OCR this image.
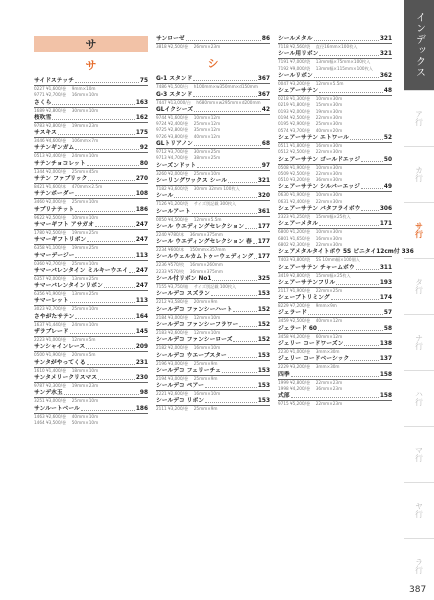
サ
サ
サイドステッチ	75
0227 ¥1,600/巻　 9mm×10m
9771 ¥2,700/巻　 16mm×10m
さくら	163
1689 ¥2,800/巻　 30mm×10m
桜吹雪	162
9783 ¥2,800/巻　 19mm×23m
サスキス	175
3446 ¥4,600/巻　 106mm×7m
サテンギンガム	92
0513 ¥2,400/巻　 24mm×10m
サテンチョコレット	80
1344 ¥2,000/巻　 25mm×45m
サテン ファブリック	270
8421 ¥1,600/本　 470mm×2.5m
サテンボーダー	108
3460 ¥2,000/巻　 25mm×10m
サプリナテット	186
9622 ¥2,500/巻　 10mm×10m
サマーギフト アサガオ	247
1780 ¥2,500/巻　 19mm×25m
サマーギフトリボン	247
6358 ¥1,100/巻　 19mm×25m
サマーデージー	113
0360 ¥2,700/巻　 25mm×10m
サマーバレンタイン ミルキーウエイ 247
6357 ¥2,000/巻　 13mm×25m
サマーバレンタインリボン	247
6356 ¥1,900/巻　 13mm×25m
サマーレット	113
3023 ¥2,700/巻　 25mm×10m
さやがたサテン	164
1637 ¥1,440/巻　 24mm×10m
ザラブレード	145
2223 ¥1,000/巻　 12mm×5m
サンシャインレース	209
0500 ¥1,900/巻　 20mm×5m
サンタがやってくる	231
1610 ¥1,400/巻　 18mm×10m
サンタメリークリスマス	230
9787 ¥2,300/巻　 19mm×23m
サンデ水玉	98
3251 ¥3,000/巻　 25mm×10m
サンルートベール	186
1463 ¥2,600/巻　 40mm×10m
1464 ¥3,500/巻　 50mm×10m
サンローゼ	86
3818 ¥2,500/巻　 26mm×23m
シ
G-1 スタンド	367
7486 ¥1,500/台　 h100mm×w350mm×d150mm
G-3 スタンド	367
7447 ¥13,000/台　 h680mm×w295mm×d200mm
GLイクシーズ	42
9744 ¥1,600/巻　 10mm×12m
9724 ¥2,400/巻　 25mm×12m
9725 ¥2,800/巻　 35mm×12m
9726 ¥3,800/巻　 40mm×12m
GLトリアノン	68
9712 ¥3,700/巻　 30mm×25m
9713 ¥4,700/巻　 38mm×25m
シーズンドット	97
3260 ¥2,000/巻　 25mm×10m
シーリングワックス シール	321
7182 ¥3,600/袋　 30mm 32mm 100枚入
シール	320
7126 ¥1,200/袋　 サイズ別記載 300枚入
シールアート	361
0050 ¥4,500/巻　 12mm×5.5m
シール ウエディングセレクション 177
2240 ¥780/本　 36mm×375mm
シール ウエディングセレクション 春 177
2234 ¥600/本　 150mm×357mm
シールウェルカムトゥーウェディング 177
2236 ¥570/枚　 16mm×260mm
2233 ¥570/枚　 36mm×375mm
シール付リボン No1	325
7155 ¥3,750/箱　 サイズ別記載 100枚入
シールデコ スズラン	153
2212 ¥3,580/巻　 20mm×9m
シールデコ ファンシーハート	152
2184 ¥3,000/巻　 12mm×10m
シールデコ ファンシーフラワー	152
2183 ¥2,600/巻　 12mm×10m
シールデコ ファンシーローズ	152
2182 ¥2,000/巻　 16mm×10m
シールデコ ウエーブスター	153
2196 ¥3,000/巻　 25mm×9m
シールデコ フェリーチェ	153
2194 ¥3,000/巻　 25mm×9m
シールデコ ペアー	153
2221 ¥2,600/巻　 16mm×10m
シールデコ リボン	153
2111 ¥3,200/巻　 25mm×9m
シールメタル	321
7118 ¥2,560/袋　 直径16mm×100枚入
シール用リボン	321
7191 ¥7,000/袋　 13mm幅×75mm×100枚入
7192 ¥9,000/袋　 13mm幅×115mm×100枚入
シールリボン	362
0047 ¥3,200/巻　 12mm×5.5m
シェアーサテン	48
0218 ¥1,300/巻　 10mm×30m
0219 ¥1,800/巻　 15mm×30m
0193 ¥2,000/巻　 19mm×30m
0194 ¥2,500/巻　 22mm×30m
0195 ¥2,900/巻　 25mm×30m
0574 ¥3,700/巻　 40mm×20m
シェアーサテン エトワール	52
0511 ¥1,800/巻　 16mm×30m
0512 ¥2,500/巻　 22mm×30m
シェアーサテン ゴールドエッジ	50
0508 ¥1,900/巻　 10mm×30m
0509 ¥2,500/巻　 22mm×30m
0510 ¥3,200/巻　 36mm×30m
シェアーサテン シルバーエッジ	49
0630 ¥1,900/巻　 10mm×30m
0631 ¥2,400/巻　 22mm×30m
シェアーサテン バタフライボウ	306
2323 ¥1,250/袋　 15mm幅×25枚入
シェアーメタル	171
6800 ¥1,200/巻　 10mm×30m
6801 ¥1,650/巻　 16mm×30m
6802 ¥2,300/巻　 22mm×30m
シェアメタルタイトボウ 5S ピニタイ12cm付 336
7403 ¥3,800/袋　 5S 10mm幅×100個入
シェアーサテン チャームボウ	311
3419 ¥2,800/袋　 15mm幅×25枚入
シェアーサテンフリル	193
2117 ¥1,900/巻　 22mm×25m
シェーブトリミング	174
8229 ¥7,200/巻　 9mm×9m
ジェラード	57
3459 ¥2,500/巻　 40mm×12m
ジェラード 60	58
3458 ¥4,200/巻　 60mm×12m
ジェリー コードワーズン	138
2230 ¥1,000/巻　 3mm×30m
ジェリー コードベーシック	137
2229 ¥3,200/巻　 3mm×30m
四季	158
1999 ¥2,800/巻　 22mm×23m
1998 ¥4,200/巻　 36mm×23m
式部	158
9715 ¥5,200/巻　 22mm×23m
インデックス
ア行
カ行
サ行
タ行
ナ行
ハ行
マ行
ヤ行
ラ行
387
